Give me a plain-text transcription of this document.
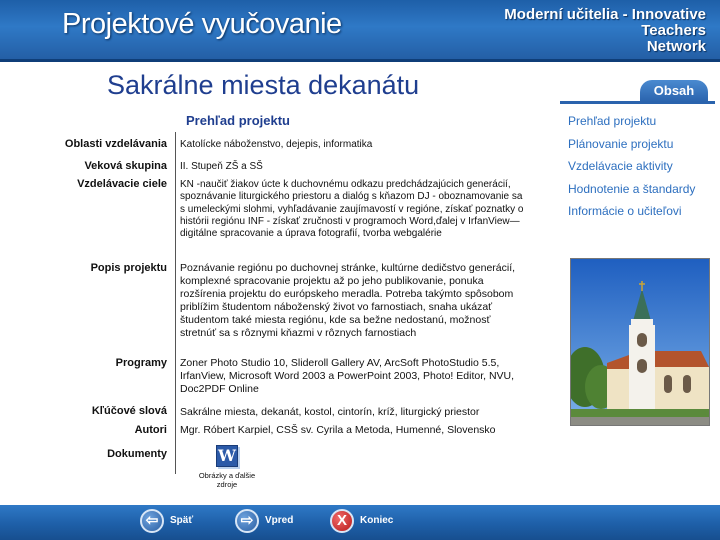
Projektové vyučovanie	Moderní učitelia - Innovative
Teachers
Network
Sakrálne miesta dekanátu
Prehľad projektu
Oblasti vzdelávania Katolícke náboženstvo, dejepis, informatika
Veková skupina II. Stupeň ZŠ a SŠ
Vzdelávacie ciele KN -naučiť žiakov úcte k duchovnému odkazu predchádzajúcich generácií, spoznávanie liturgického priestoru a dialóg s kňazom DJ - oboznamovanie sa s umeleckými slohmi, vyhľadávanie zaujímavostí v regióne, získať poznatky o histórii regiónu INF - získať zručnosti v programoch Word,ďalej v IrfanView— digitálne spracovanie a úprava fotografií, tvorba webgalérie
Popis projektu Poznávanie regiónu po duchovnej stránke, kultúrne dedičstvo generácií, komplexné spracovanie projektu až po jeho publikovanie, ponuka rozšírenia projektu do európskeho meradla. Potreba takýmto spôsobom priblížim študentom náboženský život vo farnostiach, snaha ukázať študentom také miesta regiónu, kde sa bežne nedostanú, možnosť stretnúť sa s rôznymi kňazmi v rôznych farnostiach
Programy Zoner Photo Studio 10, Slideroll Gallery AV, ArcSoft PhotoStudio 5.5, IrfanView, Microsoft Word 2003 a PowerPoint 2003, Photo! Editor, NVU, Doc2PDF Online
Kľúčové slová Sakrálne miesta, dekanát, kostol, cintorín, kríž, liturgický priestor
Autori Mgr. Róbert Karpiel, CSŠ sv. Cyrila a Metoda, Humenné, Slovensko
Dokumenty	W
Obrázky a ďalšie zdroje
Obsah
Prehľad projektu
Plánovanie projektu
Vzdelávacie aktivity
Hodnotenie a štandardy
Informácie o učiteľovi
⇦	Späť	⇨	Vpred	X	Koniec
